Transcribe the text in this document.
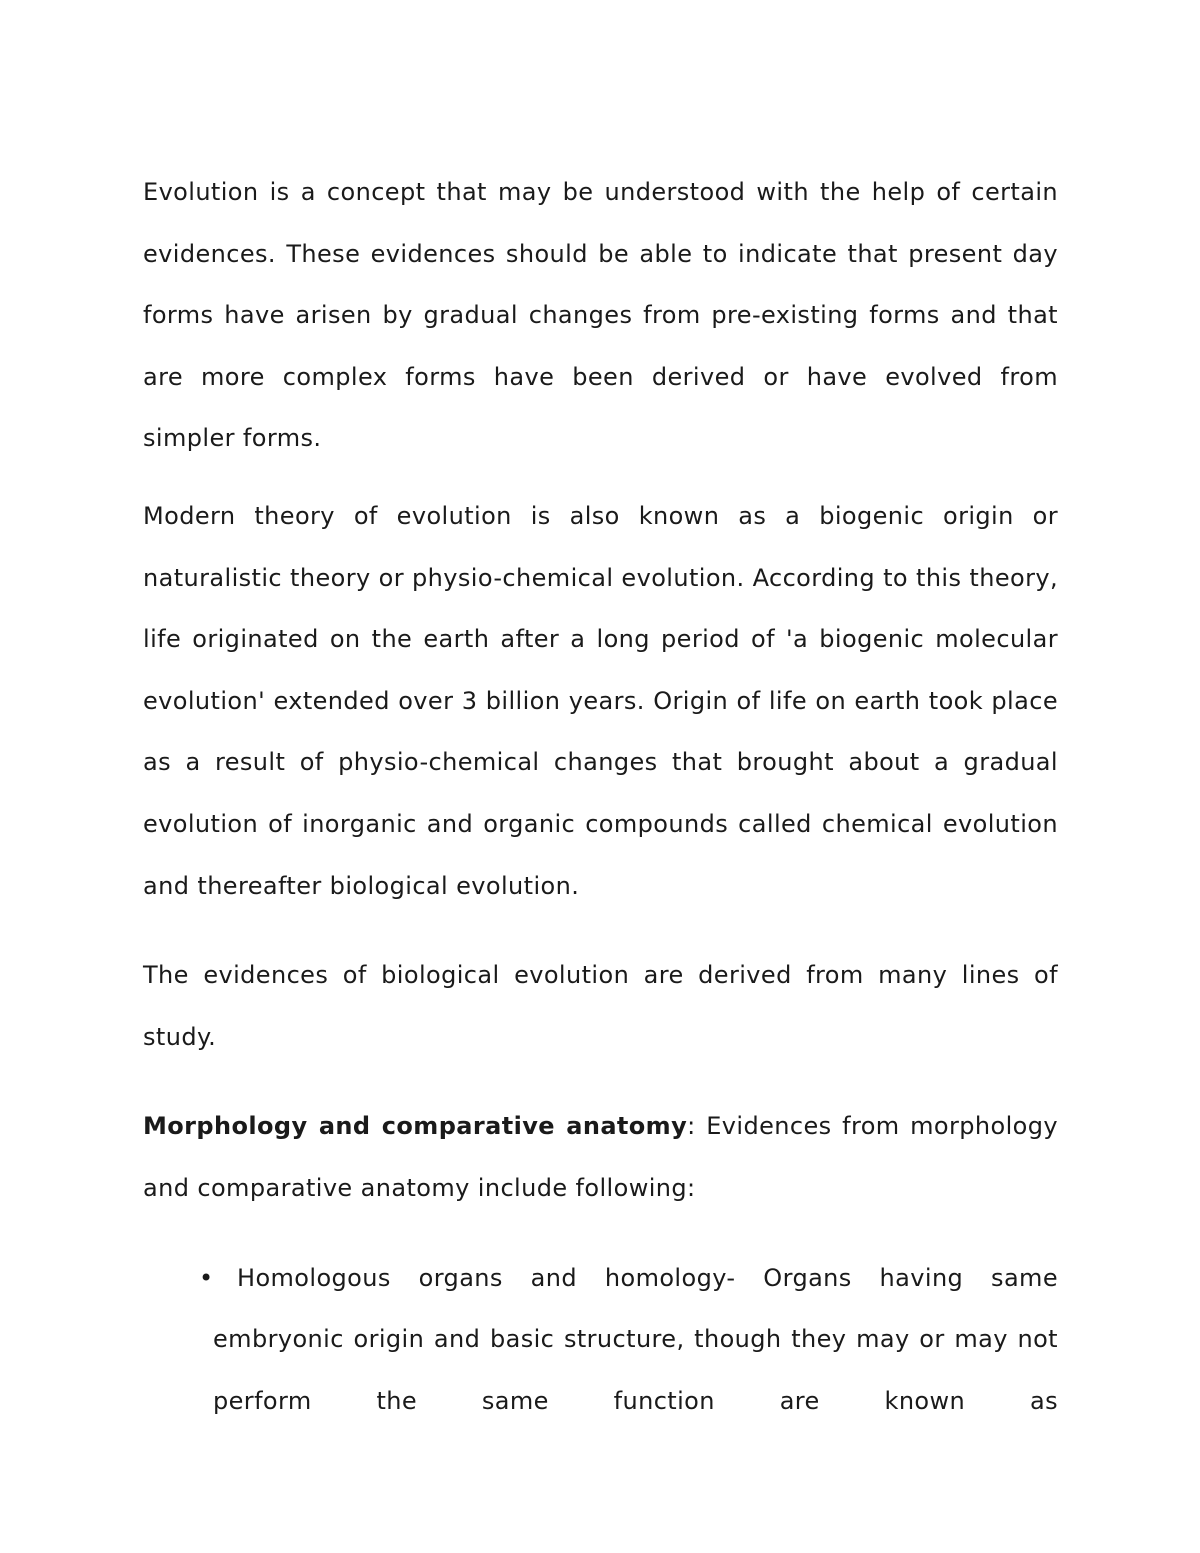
Evolution is a concept that may be understood with the help of certain evidences. These evidences should be able to indicate that present day forms have arisen by gradual changes from pre-existing forms and that are more complex forms have been derived or have evolved from simpler forms.

Modern theory of evolution is also known as a biogenic origin or naturalistic theory or physio-chemical evolution. According to this theory, life originated on the earth after a long period of 'a biogenic molecular evolution' extended over 3 billion years. Origin of life on earth took place as a result of physio-chemical changes that brought about a gradual evolution of inorganic and organic compounds called chemical evolution and thereafter biological evolution.

The evidences of biological evolution are derived from many lines of study.

Morphology and comparative anatomy: Evidences from morphology and comparative anatomy include following:

• Homologous organs and homology- Organs having same embryonic origin and basic structure, though they may or may not perform the same function are known as
